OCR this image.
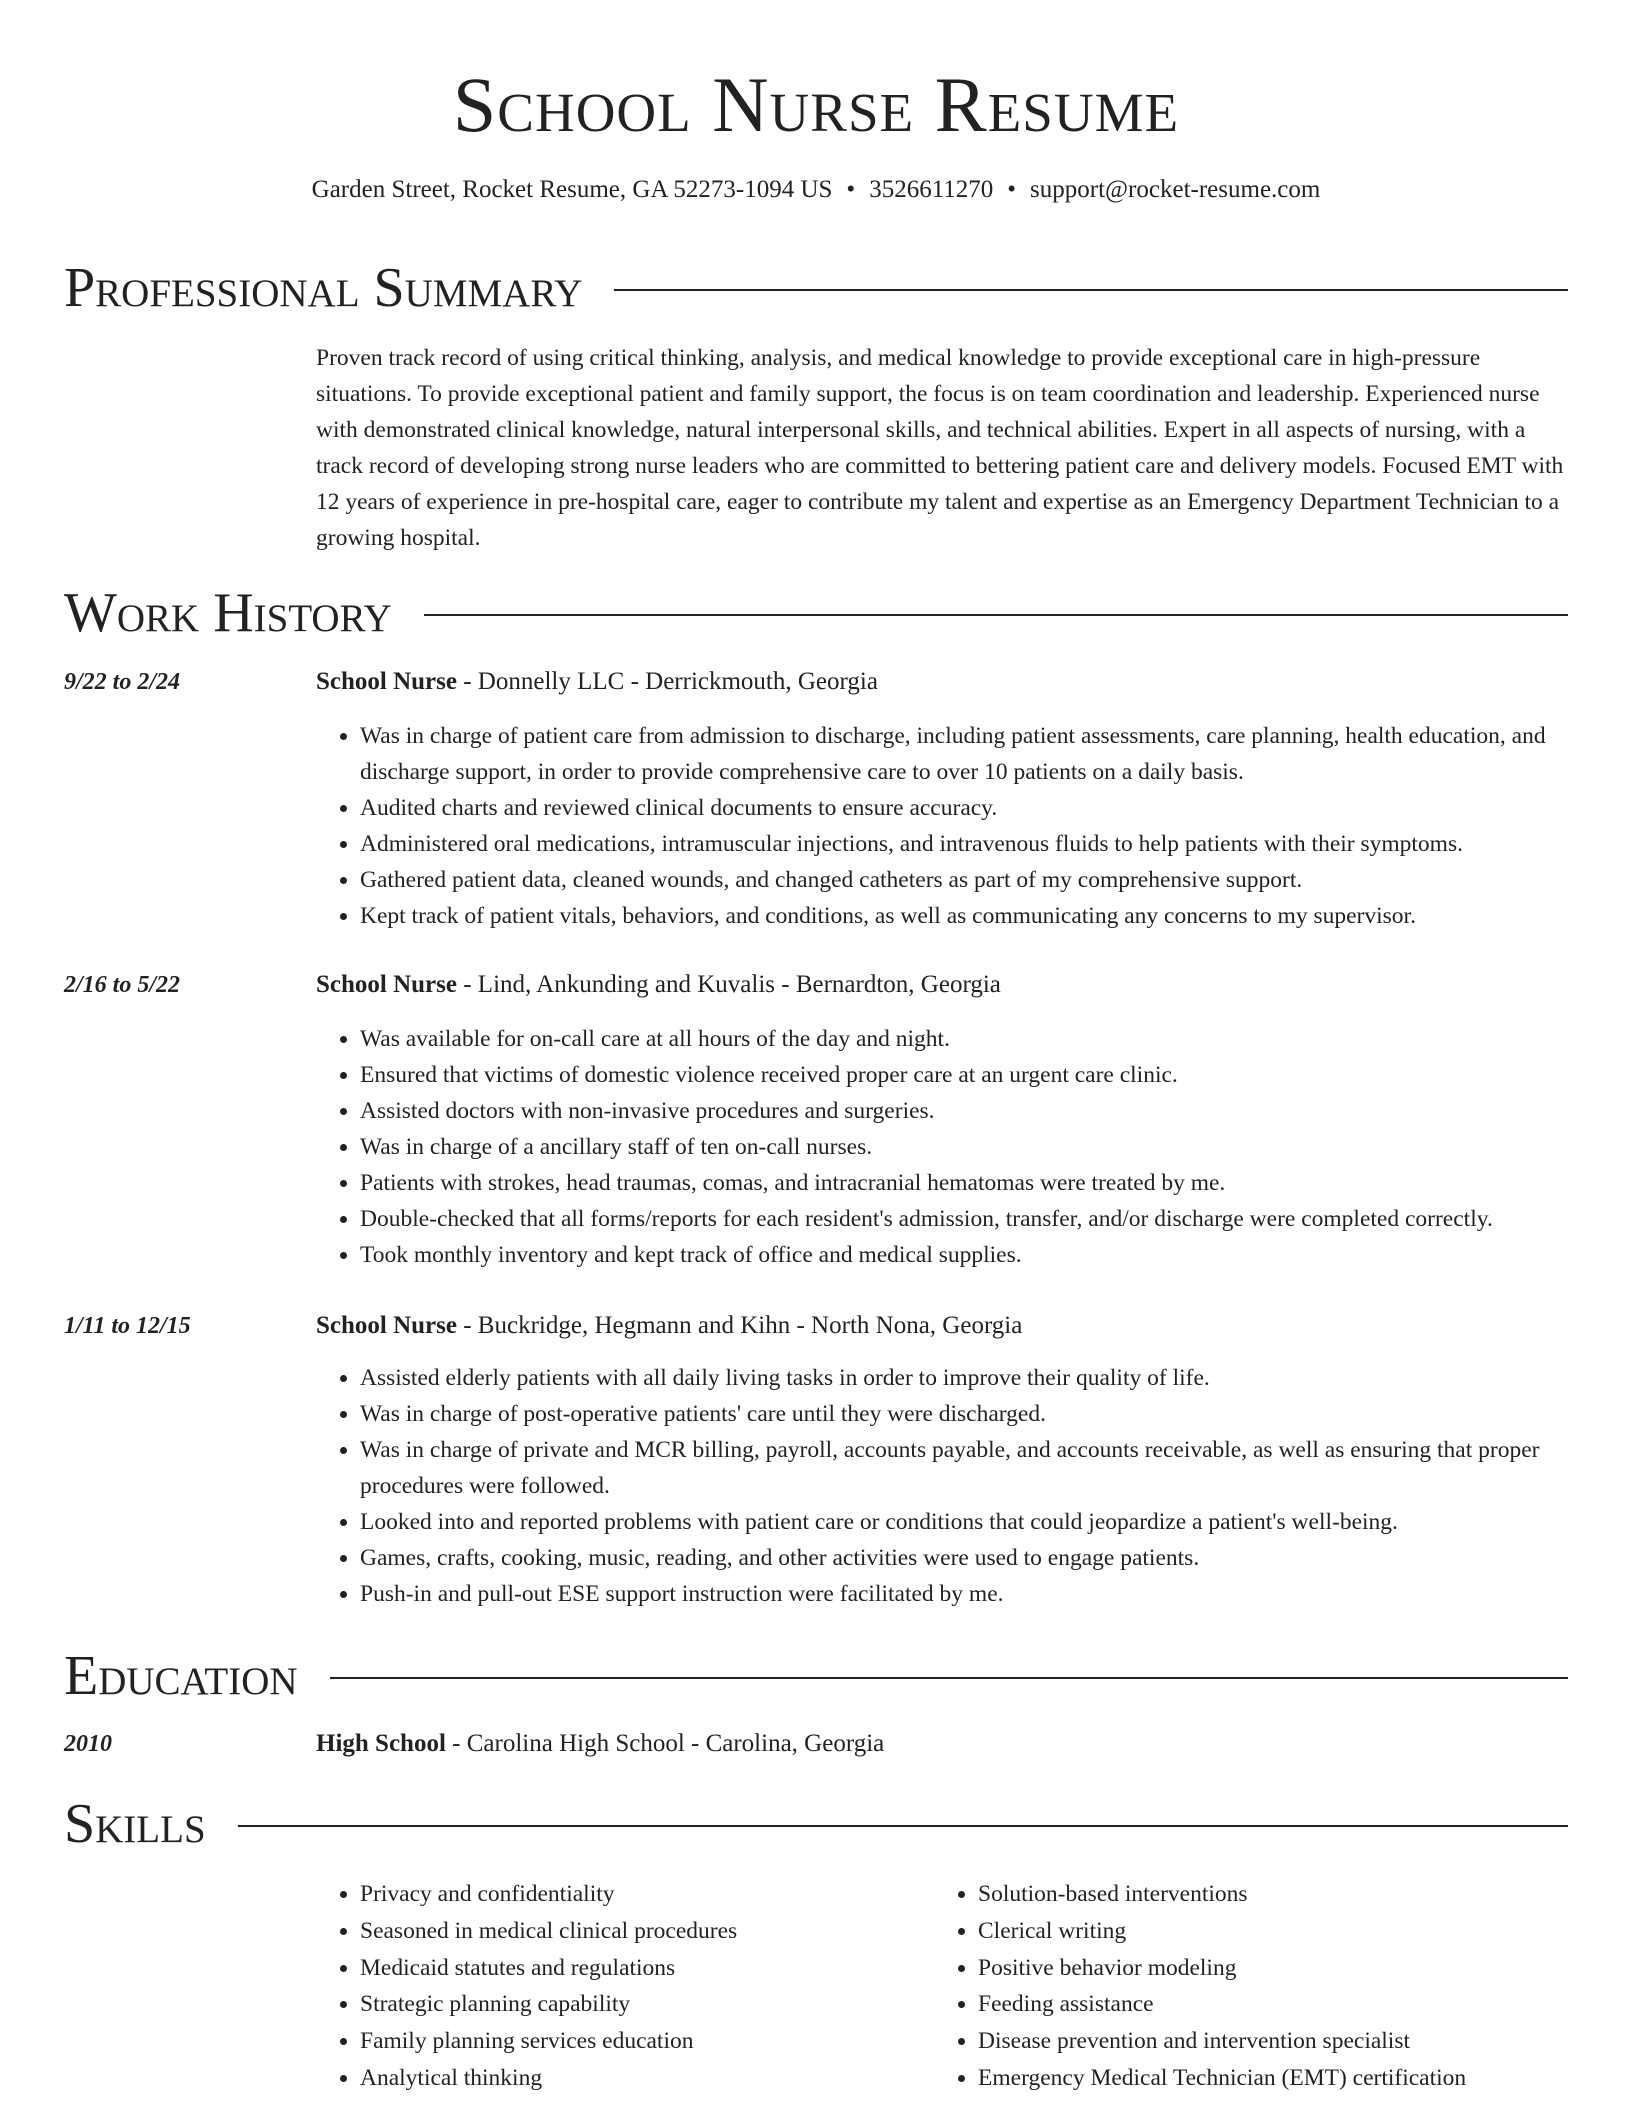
School Nurse Resume
Garden Street, Rocket Resume, GA 52273-1094 US • 3526611270 • support@rocket-resume.com
Professional Summary
Proven track record of using critical thinking, analysis, and medical knowledge to provide exceptional care in high-pressure situations. To provide exceptional patient and family support, the focus is on team coordination and leadership. Experienced nurse with demonstrated clinical knowledge, natural interpersonal skills, and technical abilities. Expert in all aspects of nursing, with a track record of developing strong nurse leaders who are committed to bettering patient care and delivery models. Focused EMT with 12 years of experience in pre-hospital care, eager to contribute my talent and expertise as an Emergency Department Technician to a growing hospital.
Work History
9/22 to 2/24	School Nurse - Donnelly LLC - Derrickmouth, Georgia
• Was in charge of patient care from admission to discharge, including patient assessments, care planning, health education, and discharge support, in order to provide comprehensive care to over 10 patients on a daily basis.
• Audited charts and reviewed clinical documents to ensure accuracy.
• Administered oral medications, intramuscular injections, and intravenous fluids to help patients with their symptoms.
• Gathered patient data, cleaned wounds, and changed catheters as part of my comprehensive support.
• Kept track of patient vitals, behaviors, and conditions, as well as communicating any concerns to my supervisor.
2/16 to 5/22	School Nurse - Lind, Ankunding and Kuvalis - Bernardton, Georgia
• Was available for on-call care at all hours of the day and night.
• Ensured that victims of domestic violence received proper care at an urgent care clinic.
• Assisted doctors with non-invasive procedures and surgeries.
• Was in charge of a ancillary staff of ten on-call nurses.
• Patients with strokes, head traumas, comas, and intracranial hematomas were treated by me.
• Double-checked that all forms/reports for each resident's admission, transfer, and/or discharge were completed correctly.
• Took monthly inventory and kept track of office and medical supplies.
1/11 to 12/15	School Nurse - Buckridge, Hegmann and Kihn - North Nona, Georgia
• Assisted elderly patients with all daily living tasks in order to improve their quality of life.
• Was in charge of post-operative patients' care until they were discharged.
• Was in charge of private and MCR billing, payroll, accounts payable, and accounts receivable, as well as ensuring that proper procedures were followed.
• Looked into and reported problems with patient care or conditions that could jeopardize a patient's well-being.
• Games, crafts, cooking, music, reading, and other activities were used to engage patients.
• Push-in and pull-out ESE support instruction were facilitated by me.
Education
2010	High School - Carolina High School - Carolina, Georgia
Skills
• Privacy and confidentiality
• Seasoned in medical clinical procedures
• Medicaid statutes and regulations
• Strategic planning capability
• Family planning services education
• Analytical thinking
• Solution-based interventions
• Clerical writing
• Positive behavior modeling
• Feeding assistance
• Disease prevention and intervention specialist
• Emergency Medical Technician (EMT) certification
